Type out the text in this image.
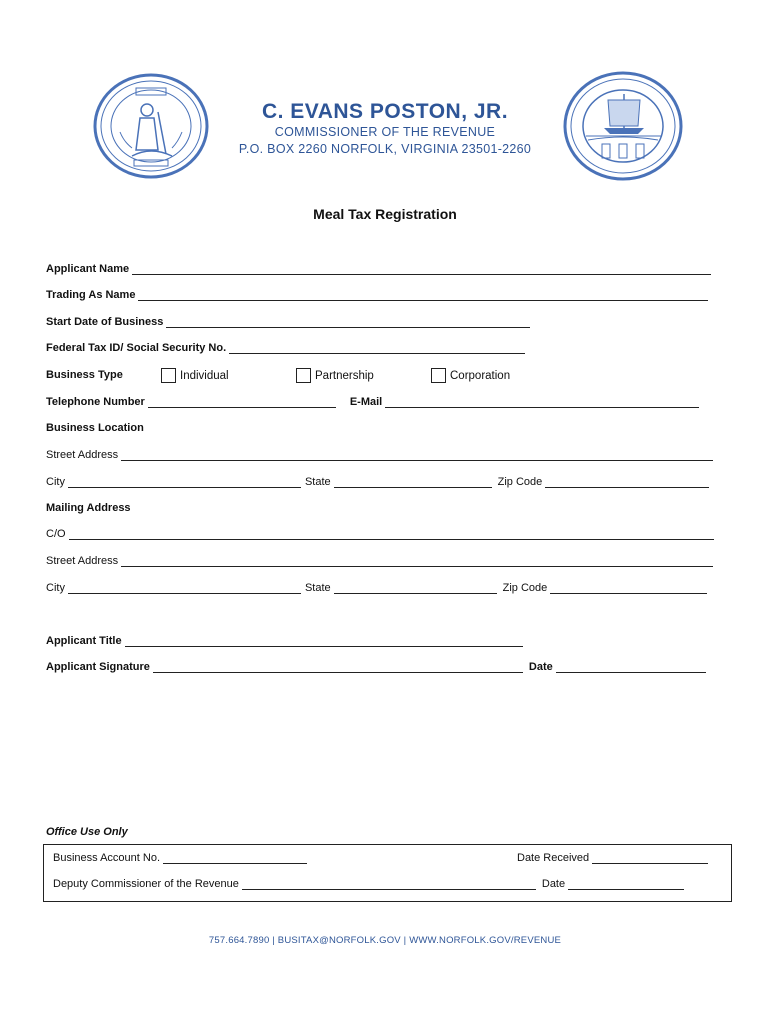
C. EVANS POSTON, JR.
COMMISSIONER OF THE REVENUE
P.O. BOX 2260 NORFOLK, VIRGINIA 23501-2260
Meal Tax Registration
Applicant Name
Trading As Name
Start Date of Business
Federal Tax ID/ Social Security No.
Business Type	Individual	Partnership	Corporation
Telephone Number	E-Mail
Business Location
Street Address
City	State	Zip Code
Mailing Address
C/O
Street Address
City	State	Zip Code
Applicant Title
Applicant Signature	Date
Office Use Only
Business Account No.	Date Received
Deputy Commissioner of the Revenue	Date
757.664.7890 | BUSITAX@NORFOLK.GOV | WWW.NORFOLK.GOV/REVENUE
